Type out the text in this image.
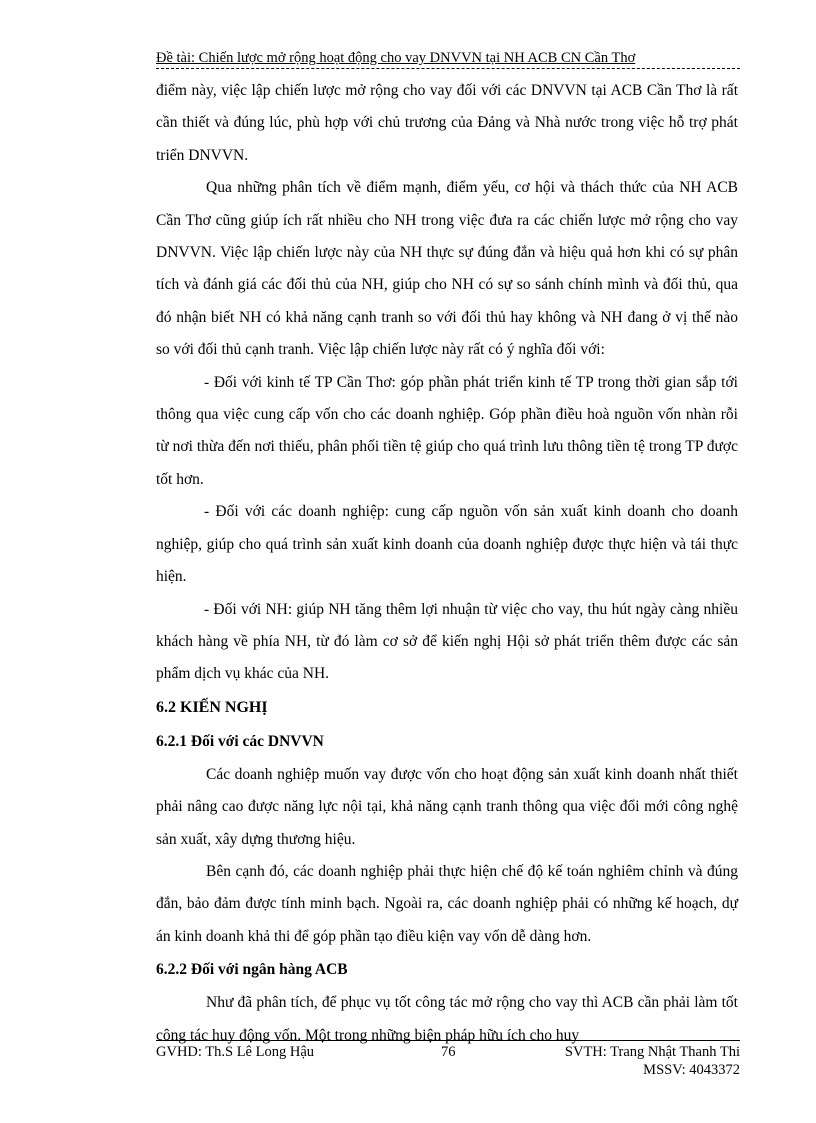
Đề tài: Chiến lược mở rộng hoạt động cho vay DNVVN tại NH ACB CN Cần Thơ

điểm này, việc lập chiến lược mở rộng cho vay đối với các DNVVN tại ACB Cần Thơ là rất cần thiết và đúng lúc, phù hợp với chủ trương của Đảng và Nhà nước trong việc hỗ trợ phát triển DNVVN.

Qua những phân tích về điểm mạnh, điểm yếu, cơ hội và thách thức của NH ACB Cần Thơ cũng giúp ích rất nhiều cho NH trong việc đưa ra các chiến lược mở rộng cho vay DNVVN. Việc lập chiến lược này của NH thực sự đúng đắn và hiệu quả hơn khi có sự phân tích và đánh giá các đối thủ của NH, giúp cho NH có sự so sánh chính mình và đối thủ, qua đó nhận biết NH có khả năng cạnh tranh so với đối thủ hay không và NH đang ở vị thế nào so với đối thủ cạnh tranh. Việc lập chiến lược này rất có ý nghĩa đối với:

- Đối với kinh tế TP Cần Thơ: góp phần phát triển kinh tế TP trong thời gian sắp tới thông qua việc cung cấp vốn cho các doanh nghiệp. Góp phần điều hoà nguồn vốn nhàn rỗi từ nơi thừa đến nơi thiếu, phân phối tiền tệ giúp cho quá trình lưu thông tiền tệ trong TP được tốt hơn.

- Đối với các doanh nghiệp: cung cấp nguồn vốn sản xuất kinh doanh cho doanh nghiệp, giúp cho quá trình sản xuất kinh doanh của doanh nghiệp được thực hiện và tái thực hiện.

- Đối với NH: giúp NH tăng thêm lợi nhuận từ việc cho vay, thu hút ngày càng nhiều khách hàng về phía NH, từ đó làm cơ sở để kiến nghị Hội sở phát triển thêm được các sản phẩm dịch vụ khác của NH.

6.2 KIẾN NGHỊ

6.2.1 Đối với các DNVVN

Các doanh nghiệp muốn vay được vốn cho hoạt động sản xuất kinh doanh nhất thiết phải nâng cao được năng lực nội tại, khả năng cạnh tranh thông qua việc đổi mới công nghệ sản xuất, xây dựng thương hiệu.

Bên cạnh đó, các doanh nghiệp phải thực hiện chế độ kế toán nghiêm chỉnh và đúng đắn, bảo đảm được tính minh bạch. Ngoài ra, các doanh nghiệp phải có những kế hoạch, dự án kinh doanh khả thi để góp phần tạo điều kiện vay vốn dễ dàng hơn.

6.2.2 Đối với ngân hàng ACB

Như đã phân tích, để phục vụ tốt công tác mở rộng cho vay thì ACB cần phải làm tốt công tác huy động vốn. Một trong những biện pháp hữu ích cho huy

GVHD: Th.S Lê Long Hậu	76	SVTH: Trang Nhật Thanh Thi
MSSV: 4043372
